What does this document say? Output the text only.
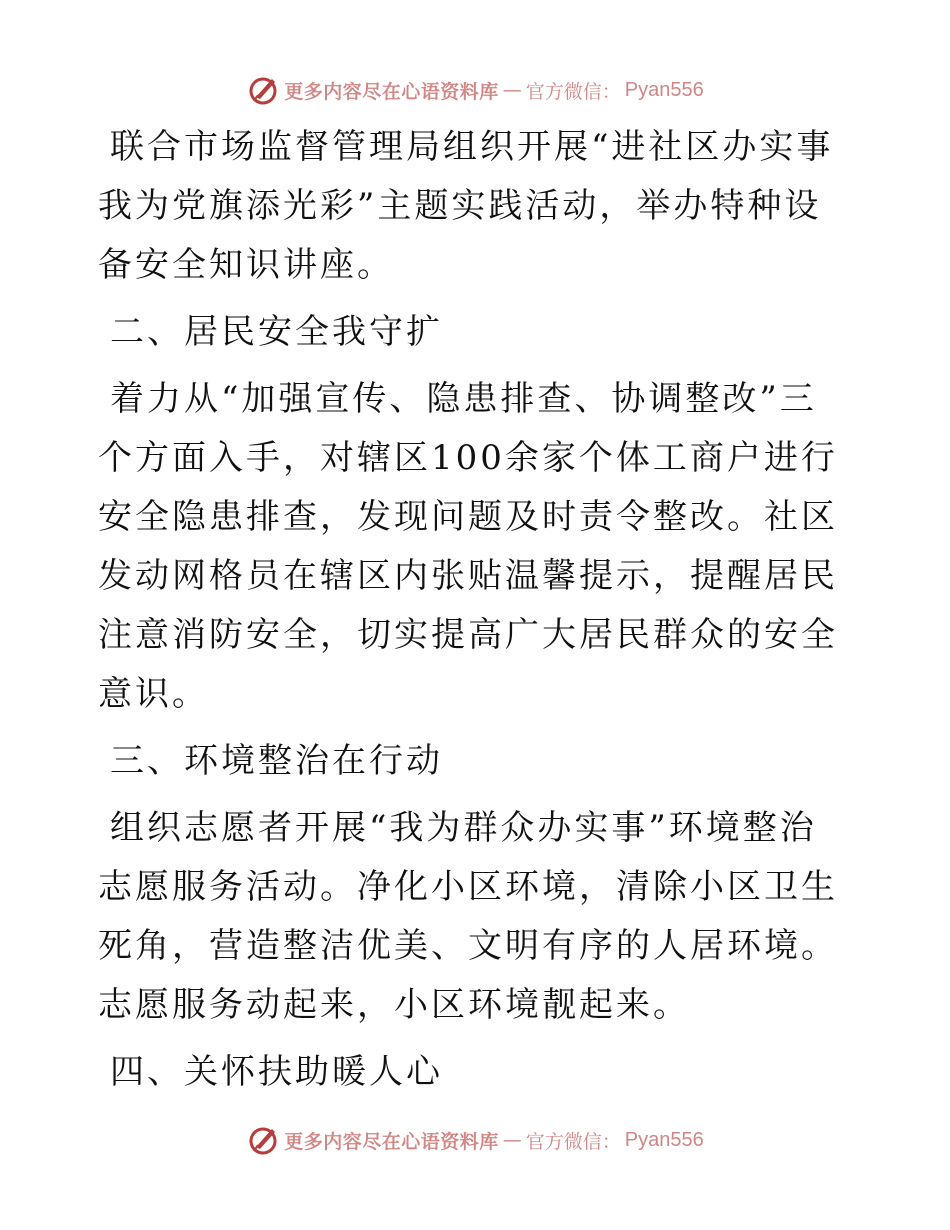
更多内容尽在心语资料库 — 官方微信： Pyan556

联合市场监督管理局组织开展“进社区办实事我为党旗添光彩”主题实践活动，举办特种设备安全知识讲座。

二、居民安全我守扩

着力从“加强宣传、隐患排查、协调整改”三个方面入手，对辖区100余家个体工商户进行安全隐患排查，发现问题及时责令整改。社区发动网格员在辖区内张贴温馨提示，提醒居民注意消防安全，切实提高广大居民群众的安全意识。

三、环境整治在行动

组织志愿者开展“我为群众办实事”环境整治志愿服务活动。净化小区环境，清除小区卫生死角，营造整洁优美、文明有序的人居环境。志愿服务动起来，小区环境靓起来。

四、关怀扶助暖人心

更多内容尽在心语资料库 — 官方微信： Pyan556
